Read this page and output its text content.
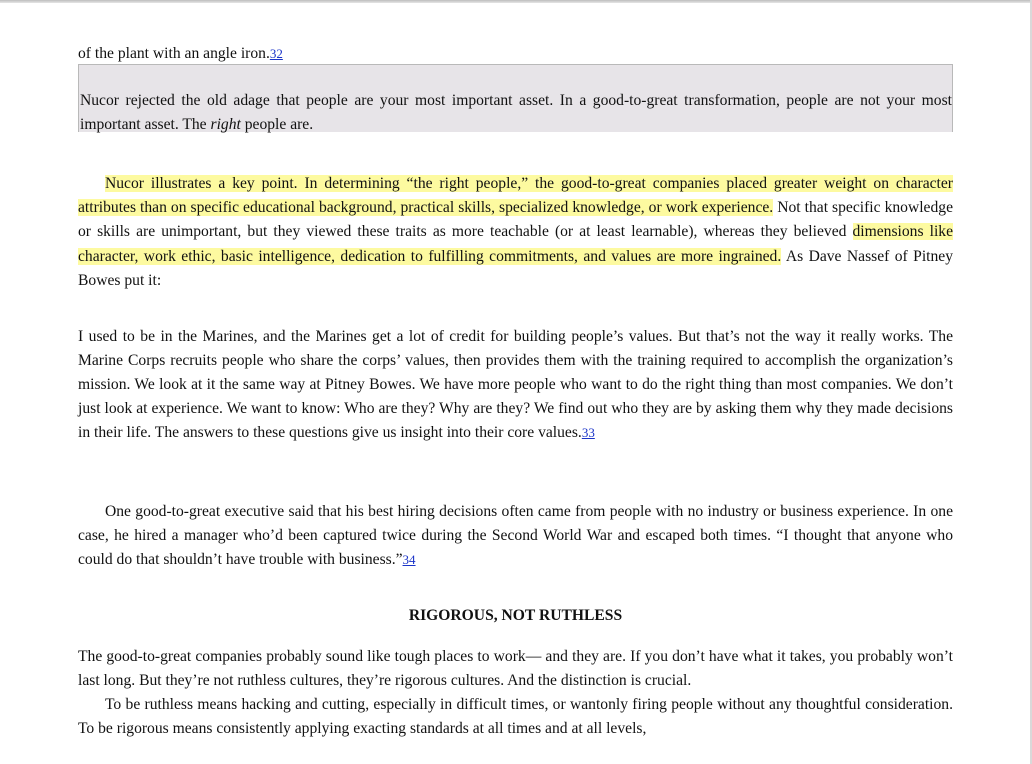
of the plant with an angle iron.32

Nucor rejected the old adage that people are your most important asset. In a good-to-great transformation, people are not your most important asset. The right people are.

Nucor illustrates a key point. In determining “the right people,” the good-to-great companies placed greater weight on character attributes than on specific educational background, practical skills, specialized knowledge, or work experience. Not that specific knowledge or skills are unimportant, but they viewed these traits as more teachable (or at least learnable), whereas they believed dimensions like character, work ethic, basic intelligence, dedication to fulfilling commitments, and values are more ingrained. As Dave Nassef of Pitney Bowes put it:

I used to be in the Marines, and the Marines get a lot of credit for building people’s values. But that’s not the way it really works. The Marine Corps recruits people who share the corps’ values, then provides them with the training required to accomplish the organization’s mission. We look at it the same way at Pitney Bowes. We have more people who want to do the right thing than most companies. We don’t just look at experience. We want to know: Who are they? Why are they? We find out who they are by asking them why they made decisions in their life. The answers to these questions give us insight into their core values.33

One good-to-great executive said that his best hiring decisions often came from people with no industry or business experience. In one case, he hired a manager who’d been captured twice during the Second World War and escaped both times. “I thought that anyone who could do that shouldn’t have trouble with business.”34

RIGOROUS, NOT RUTHLESS

The good-to-great companies probably sound like tough places to work— and they are. If you don’t have what it takes, you probably won’t last long. But they’re not ruthless cultures, they’re rigorous cultures. And the distinction is crucial.

To be ruthless means hacking and cutting, especially in difficult times, or wantonly firing people without any thoughtful consideration. To be rigorous means consistently applying exacting standards at all times and at all levels,
